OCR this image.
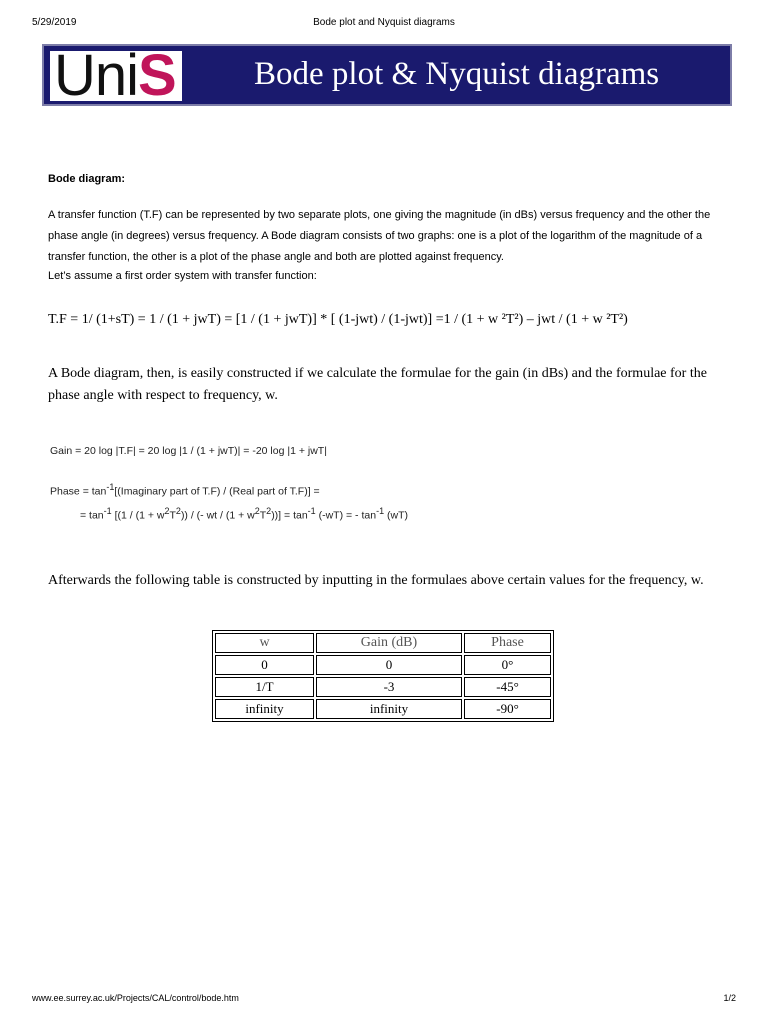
5/29/2019	Bode plot and Nyquist diagrams
UniS Bode plot & Nyquist diagrams
Bode diagram:
A transfer function (T.F) can be represented by two separate plots, one giving the magnitude (in dBs) versus frequency and the other the phase angle (in degrees) versus frequency. A Bode diagram consists of two graphs: one is a plot of the logarithm of the magnitude of a transfer function, the other is a plot of the phase angle and both are plotted against frequency.
Let’s assume a first order system with transfer function:
T.F = 1/ (1+sT) = 1 / (1 + jwT) = [1 / (1 + jwT)] * [ (1-jwt) / (1-jwt)] =1 / (1 + w ²T²) – jwt / (1 + w ²T²)
A Bode diagram, then, is easily constructed if we calculate the formulae for the gain (in dBs) and the formulae for the phase angle with respect to frequency, w.
Gain = 20 log |T.F| = 20 log |1 / (1 + jwT)| = -20 log |1 + jwT|
Phase = $\tan^{-1}[(Imaginary$ part of T.F) / (Real part of T.F)] =
= $\tan^{-1} [(1 / (1 + w^2T^2))$ / (- wt / $(1 + w^2T^2))] = \tan^{-1} (-wT)$ = - $\tan^{-1} (wT)$
Afterwards the following table is constructed by inputting in the formulaes above certain values for the frequency, w.
w	Gain (dB)	Phase
0	0	0°
1/T	-3	-45°
infinity	infinity	-90°
www.ee.surrey.ac.uk/Projects/CAL/control/bode.htm	1/2
